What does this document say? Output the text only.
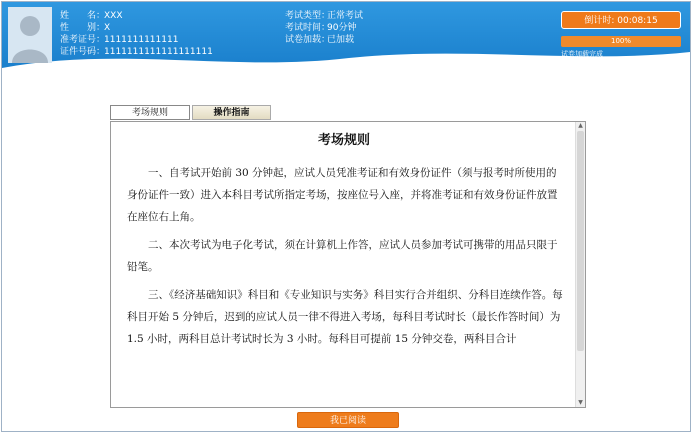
姓　　名：XXX
性　　别：X
准考证号：1111111111111
证件号码：1111111111111111111
考试类型：正常考试
考试时间：90分钟
试卷加载：已加载
倒计时: 00:08:15
100%
试卷加载完成
考场规则	操作指南
考场规则

一、自考试开始前 30 分钟起，应试人员凭准考证和有效身份证件（须与报考时所使用的身份证件一致）进入本科目考试所指定考场，按座位号入座，并将准考证和有效身份证件放置在座位右上角。

二、本次考试为电子化考试，须在计算机上作答，应试人员参加考试可携带的用品只限于铅笔。

三、《经济基础知识》科目和《专业知识与实务》科目实行合并组织、分科目连续作答。每科目开始 5 分钟后，迟到的应试人员一律不得进入考场，每科目考试时长（最长作答时间）为 1.5 小时，两科目总计考试时长为 3 小时。每科目可提前 15 分钟交卷，两科目合计

▲
▼
我已阅读
